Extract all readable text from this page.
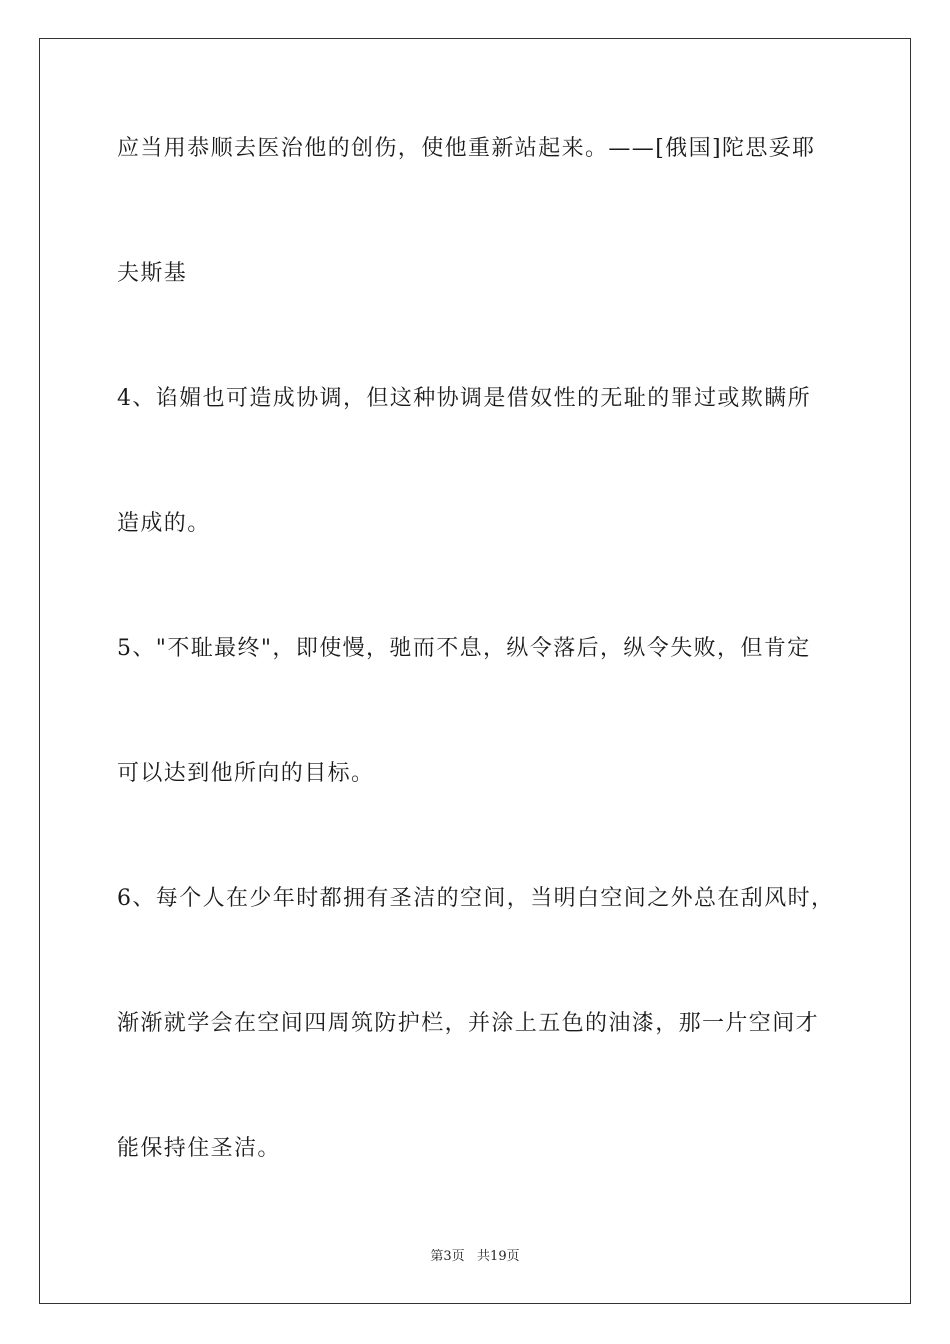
应当用恭顺去医治他的创伤，使他重新站起来。——[俄国]陀思妥耶
夫斯基
4、谄媚也可造成协调，但这种协调是借奴性的无耻的罪过或欺瞒所
造成的。
5、"不耻最终"，即使慢，驰而不息，纵令落后，纵令失败，但肯定
可以达到他所向的目标。
6、每个人在少年时都拥有圣洁的空间，当明白空间之外总在刮风时，
渐渐就学会在空间四周筑防护栏，并涂上五色的油漆，那一片空间才
能保持住圣洁。
第3页   共19页
